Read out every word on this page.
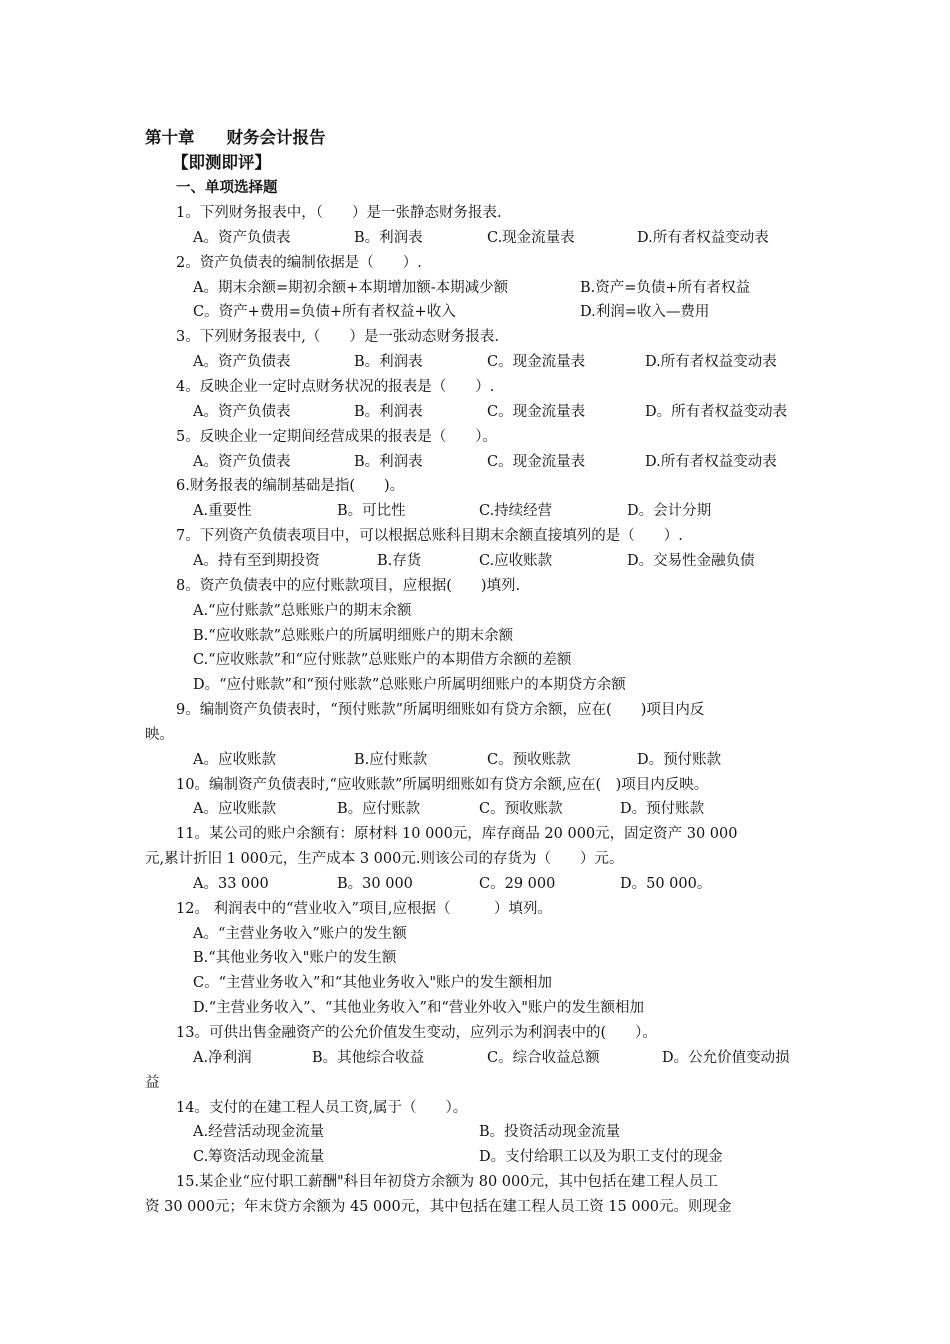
第十章 财务会计报告
【即测即评】
一、单项选择题
1。下列财务报表中，（　　）是一张静态财务报表.
A。资产负债表	B。利润表	C.现金流量表	D.所有者权益变动表
2。资产负债表的编制依据是（　　）.
A。期末余额=期初余额+本期增加额-本期减少额	B.资产=负债+所有者权益
C。资产+费用=负债+所有者权益+收入	D.利润=收入—费用
3。下列财务报表中,（　　）是一张动态财务报表.
A。资产负债表	B。利润表	C。现金流量表	D.所有者权益变动表
4。反映企业一定时点财务状况的报表是（　　）.
A。资产负债表	B。利润表	C。现金流量表	D。所有者权益变动表
5。反映企业一定期间经营成果的报表是（　　）。
A。资产负债表	B。利润表	C。现金流量表	D.所有者权益变动表
6.财务报表的编制基础是指(　　)。
A.重要性	B。可比性	C.持续经营	D。会计分期
7。下列资产负债表项目中，可以根据总账科目期末余额直接填列的是（　　）.
A。持有至到期投资	B.存货	C.应收账款	D。交易性金融负债
8。资产负债表中的应付账款项目，应根据(　　)填列.
A.“应付账款”总账账户的期末余额
B.“应收账款”总账账户的所属明细账户的期末余额
C.“应收账款”和“应付账款”总账账户的本期借方余额的差额
D。“应付账款”和“预付账款”总账账户所属明细账户的本期贷方余额
9。编制资产负债表时，“预付账款”所属明细账如有贷方余额，应在(　　)项目内反
映。
A。应收账款	B.应付账款	C。预收账款	D。预付账款
10。编制资产负债表时,“应收账款”所属明细账如有贷方余额,应在(　)项目内反映。
A。应收账款	B。应付账款	C。预收账款	D。预付账款
11。某公司的账户余额有：原材料 10 000元，库存商品 20 000元，固定资产 30 000
元,累计折旧 1 000元，生产成本 3 000元.则该公司的存货为（　　）元。
A。33 000	B。30 000	C。29 000	D。50 000。
12。 利润表中的“营业收入”项目,应根据（　　　）填列。
A。“主营业务收入”账户的发生额
B.“其他业务收入"账户的发生额
C。“主营业务收入”和“其他业务收入"账户的发生额相加
D.“主营业务收入”、“其他业务收入”和“营业外收入"账户的发生额相加
13。可供出售金融资产的公允价值发生变动，应列示为利润表中的(　　）。
A.净利润	B。其他综合收益	C。综合收益总额	D。公允价值变动损
益
14。支付的在建工程人员工资,属于（　　）。
A.经营活动现金流量	B。投资活动现金流量
C.筹资活动现金流量	D。支付给职工以及为职工支付的现金
15.某企业“应付职工薪酬"科目年初贷方余额为 80 000元，其中包括在建工程人员工
资 30 000元；年末贷方余额为 45 000元，其中包括在建工程人员工资 15 000元。则现金
